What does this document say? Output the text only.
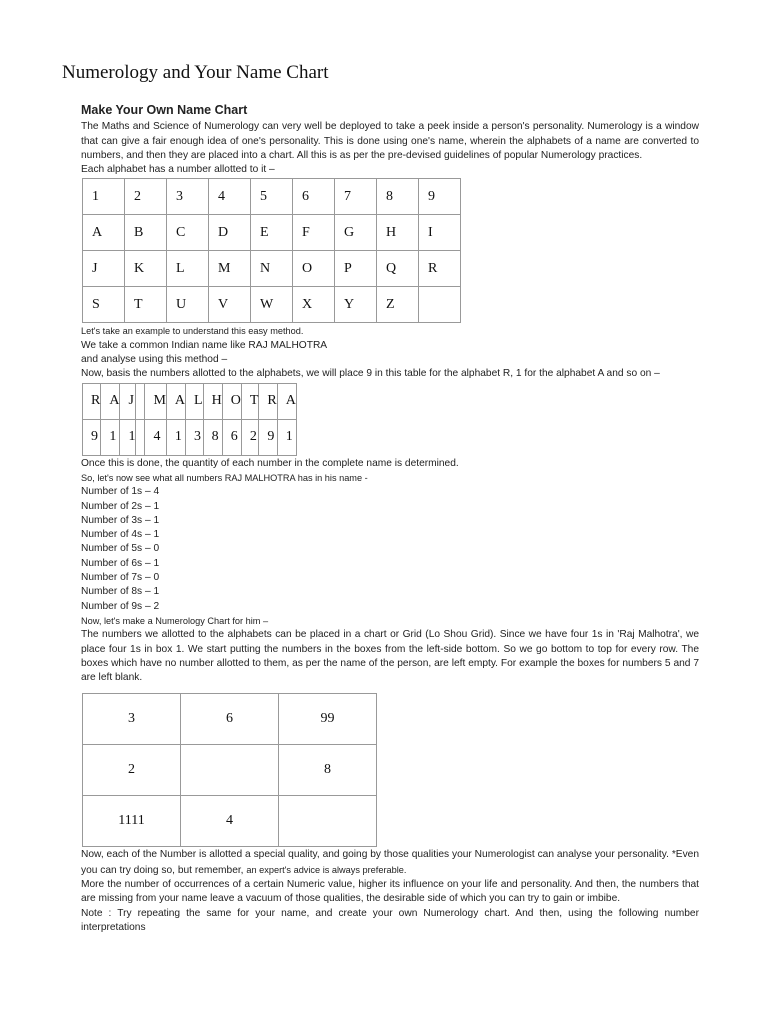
Numerology and Your Name Chart
Make Your Own Name Chart

The Maths and Science of Numerology can very well be deployed to take a peek inside a person's personality. Numerology is a window that can give a fair enough idea of one's personality. This is done using one's name, wherein the alphabets of a name are converted to numbers, and then they are placed into a chart. All this is as per the pre-devised guidelines of popular Numerology practices.

Each alphabet has a number allotted to it –
1	2	3	4	5	6	7	8	9
A	B	C	D	E	F	G	H	I
J	K	L	M	N	O	P	Q	R
S	T	U	V	W	X	Y	Z	
Let's take an example to understand this easy method.
We take a common Indian name like RAJ MALHOTRA
and analyse using this method –
Now, basis the numbers allotted to the alphabets, we will place 9 in this table for the alphabet R, 1 for the alphabet A and so on –
R	A	J		M	A	L	H	O	T	R	A
9	1	1		4	1	3	8	6	2	9	1
Once this is done, the quantity of each number in the complete name is determined.
So, let's now see what all numbers RAJ MALHOTRA has in his name -
Number of 1s – 4
Number of 2s – 1
Number of 3s – 1
Number of 4s – 1
Number of 5s – 0
Number of 6s – 1
Number of 7s – 0
Number of 8s – 1
Number of 9s – 2
Now, let's make a Numerology Chart for him –

The numbers we allotted to the alphabets can be placed in a chart or Grid (Lo Shou Grid). Since we have four 1s in 'Raj Malhotra', we place four 1s in box 1. We start putting the numbers in the boxes from the left-side bottom. So we go bottom to top for every row. The boxes which have no number allotted to them, as per the name of the person, are left empty. For example the boxes for numbers 5 and 7 are left blank.

3	6	99
2		8
1111	4	

Now, each of the Number is allotted a special quality, and going by those qualities your Numerologist can analyse your personality. *Even you can try doing so, but remember, an expert's advice is always preferable.

More the number of occurrences of a certain Numeric value, higher its influence on your life and personality. And then, the numbers that are missing from your name leave a vacuum of those qualities, the desirable side of which you can try to gain or imbibe.

Note : Try repeating the same for your name, and create your own Numerology chart. And then, using the following number interpretations
